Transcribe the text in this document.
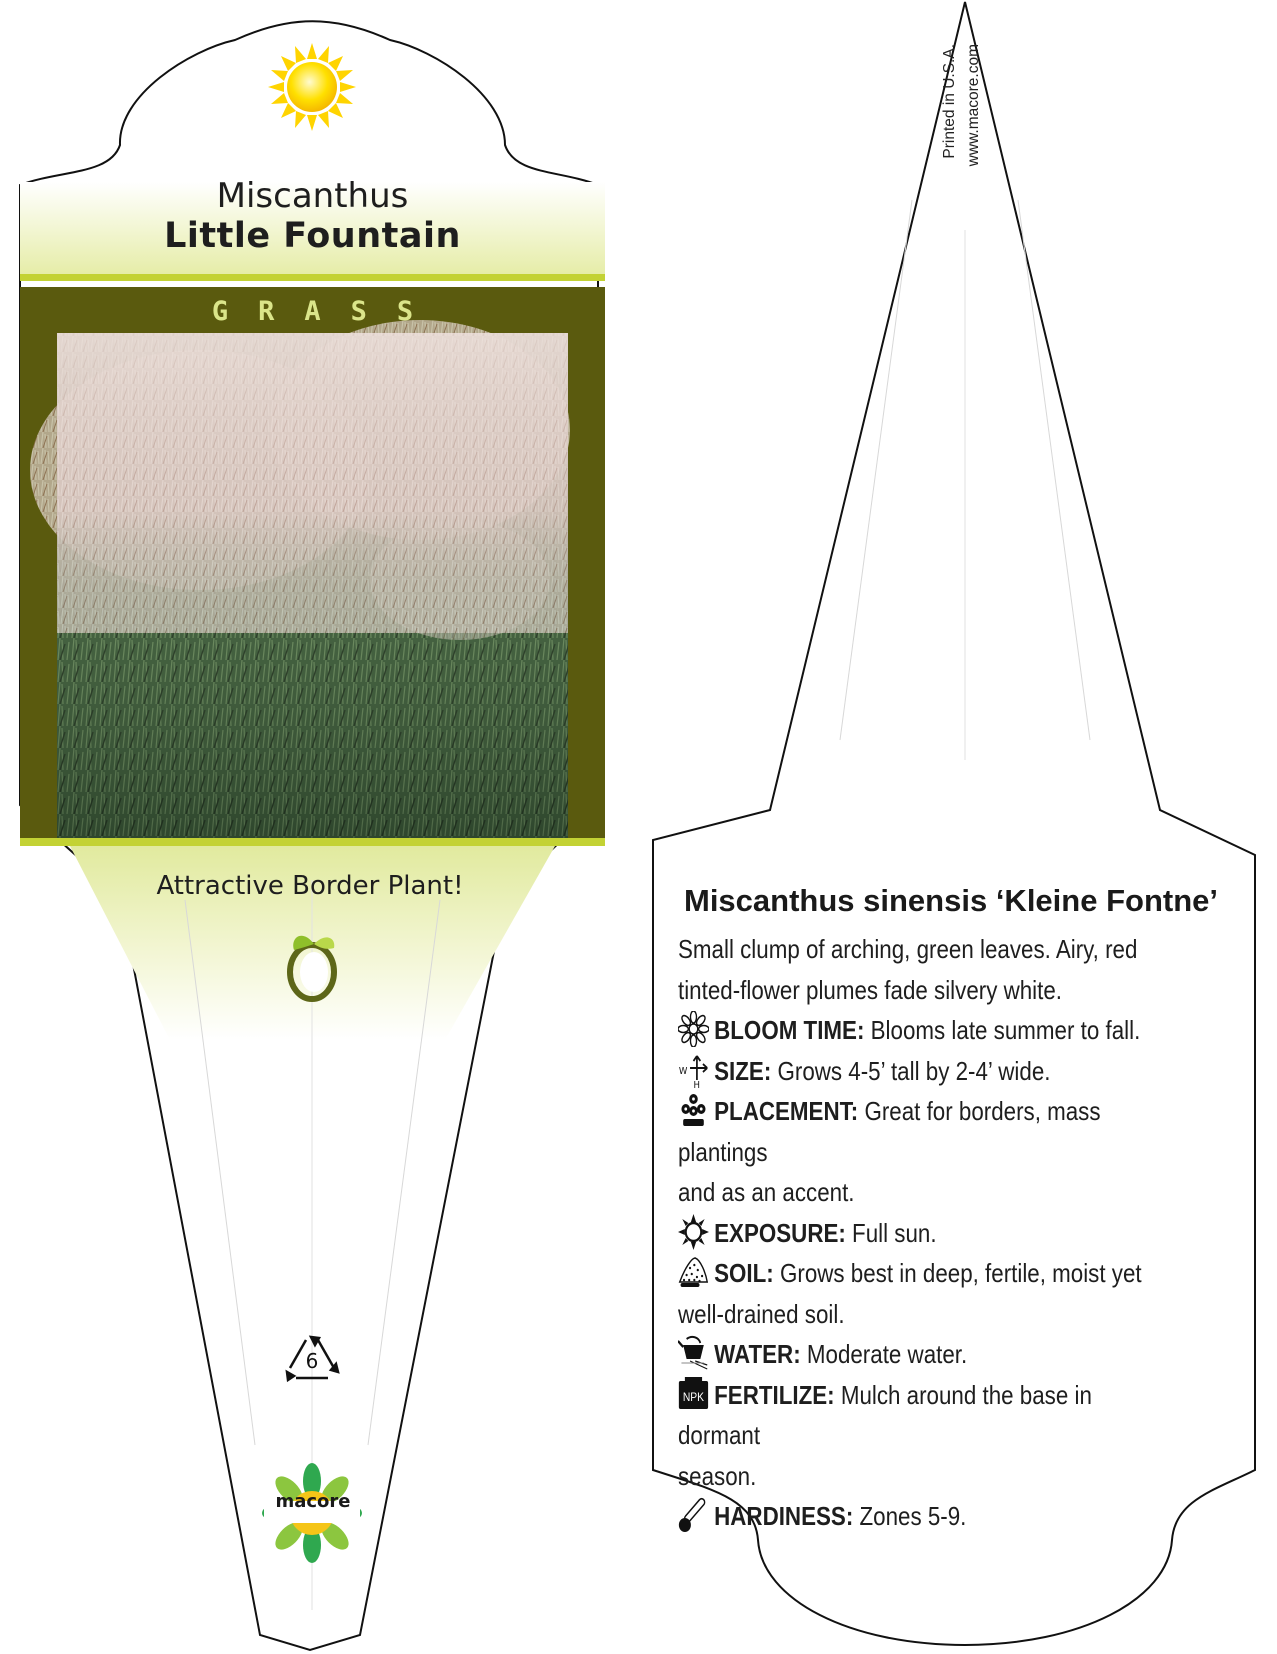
Miscanthus
Little Fountain
GRASS
Attractive Border Plant!
6
macore
Printed in U.S.A. www.macore.com
Miscanthus sinensis ‘Kleine Fontne’

Small clump of arching, green leaves. Airy, red

tinted-flower plumes fade silvery white.

BLOOM TIME: Blooms late summer to fall.

W
H SIZE: Grows 4-5’ tall by 2-4’ wide.

PLACEMENT: Great for borders, mass plantings

and as an accent.

EXPOSURE: Full sun.

SOIL: Grows best in deep, fertile, moist yet

well-drained soil.

WATER: Moderate water.

NPK FERTILIZE: Mulch around the base in dormant

season.

HARDINESS: Zones 5-9.
